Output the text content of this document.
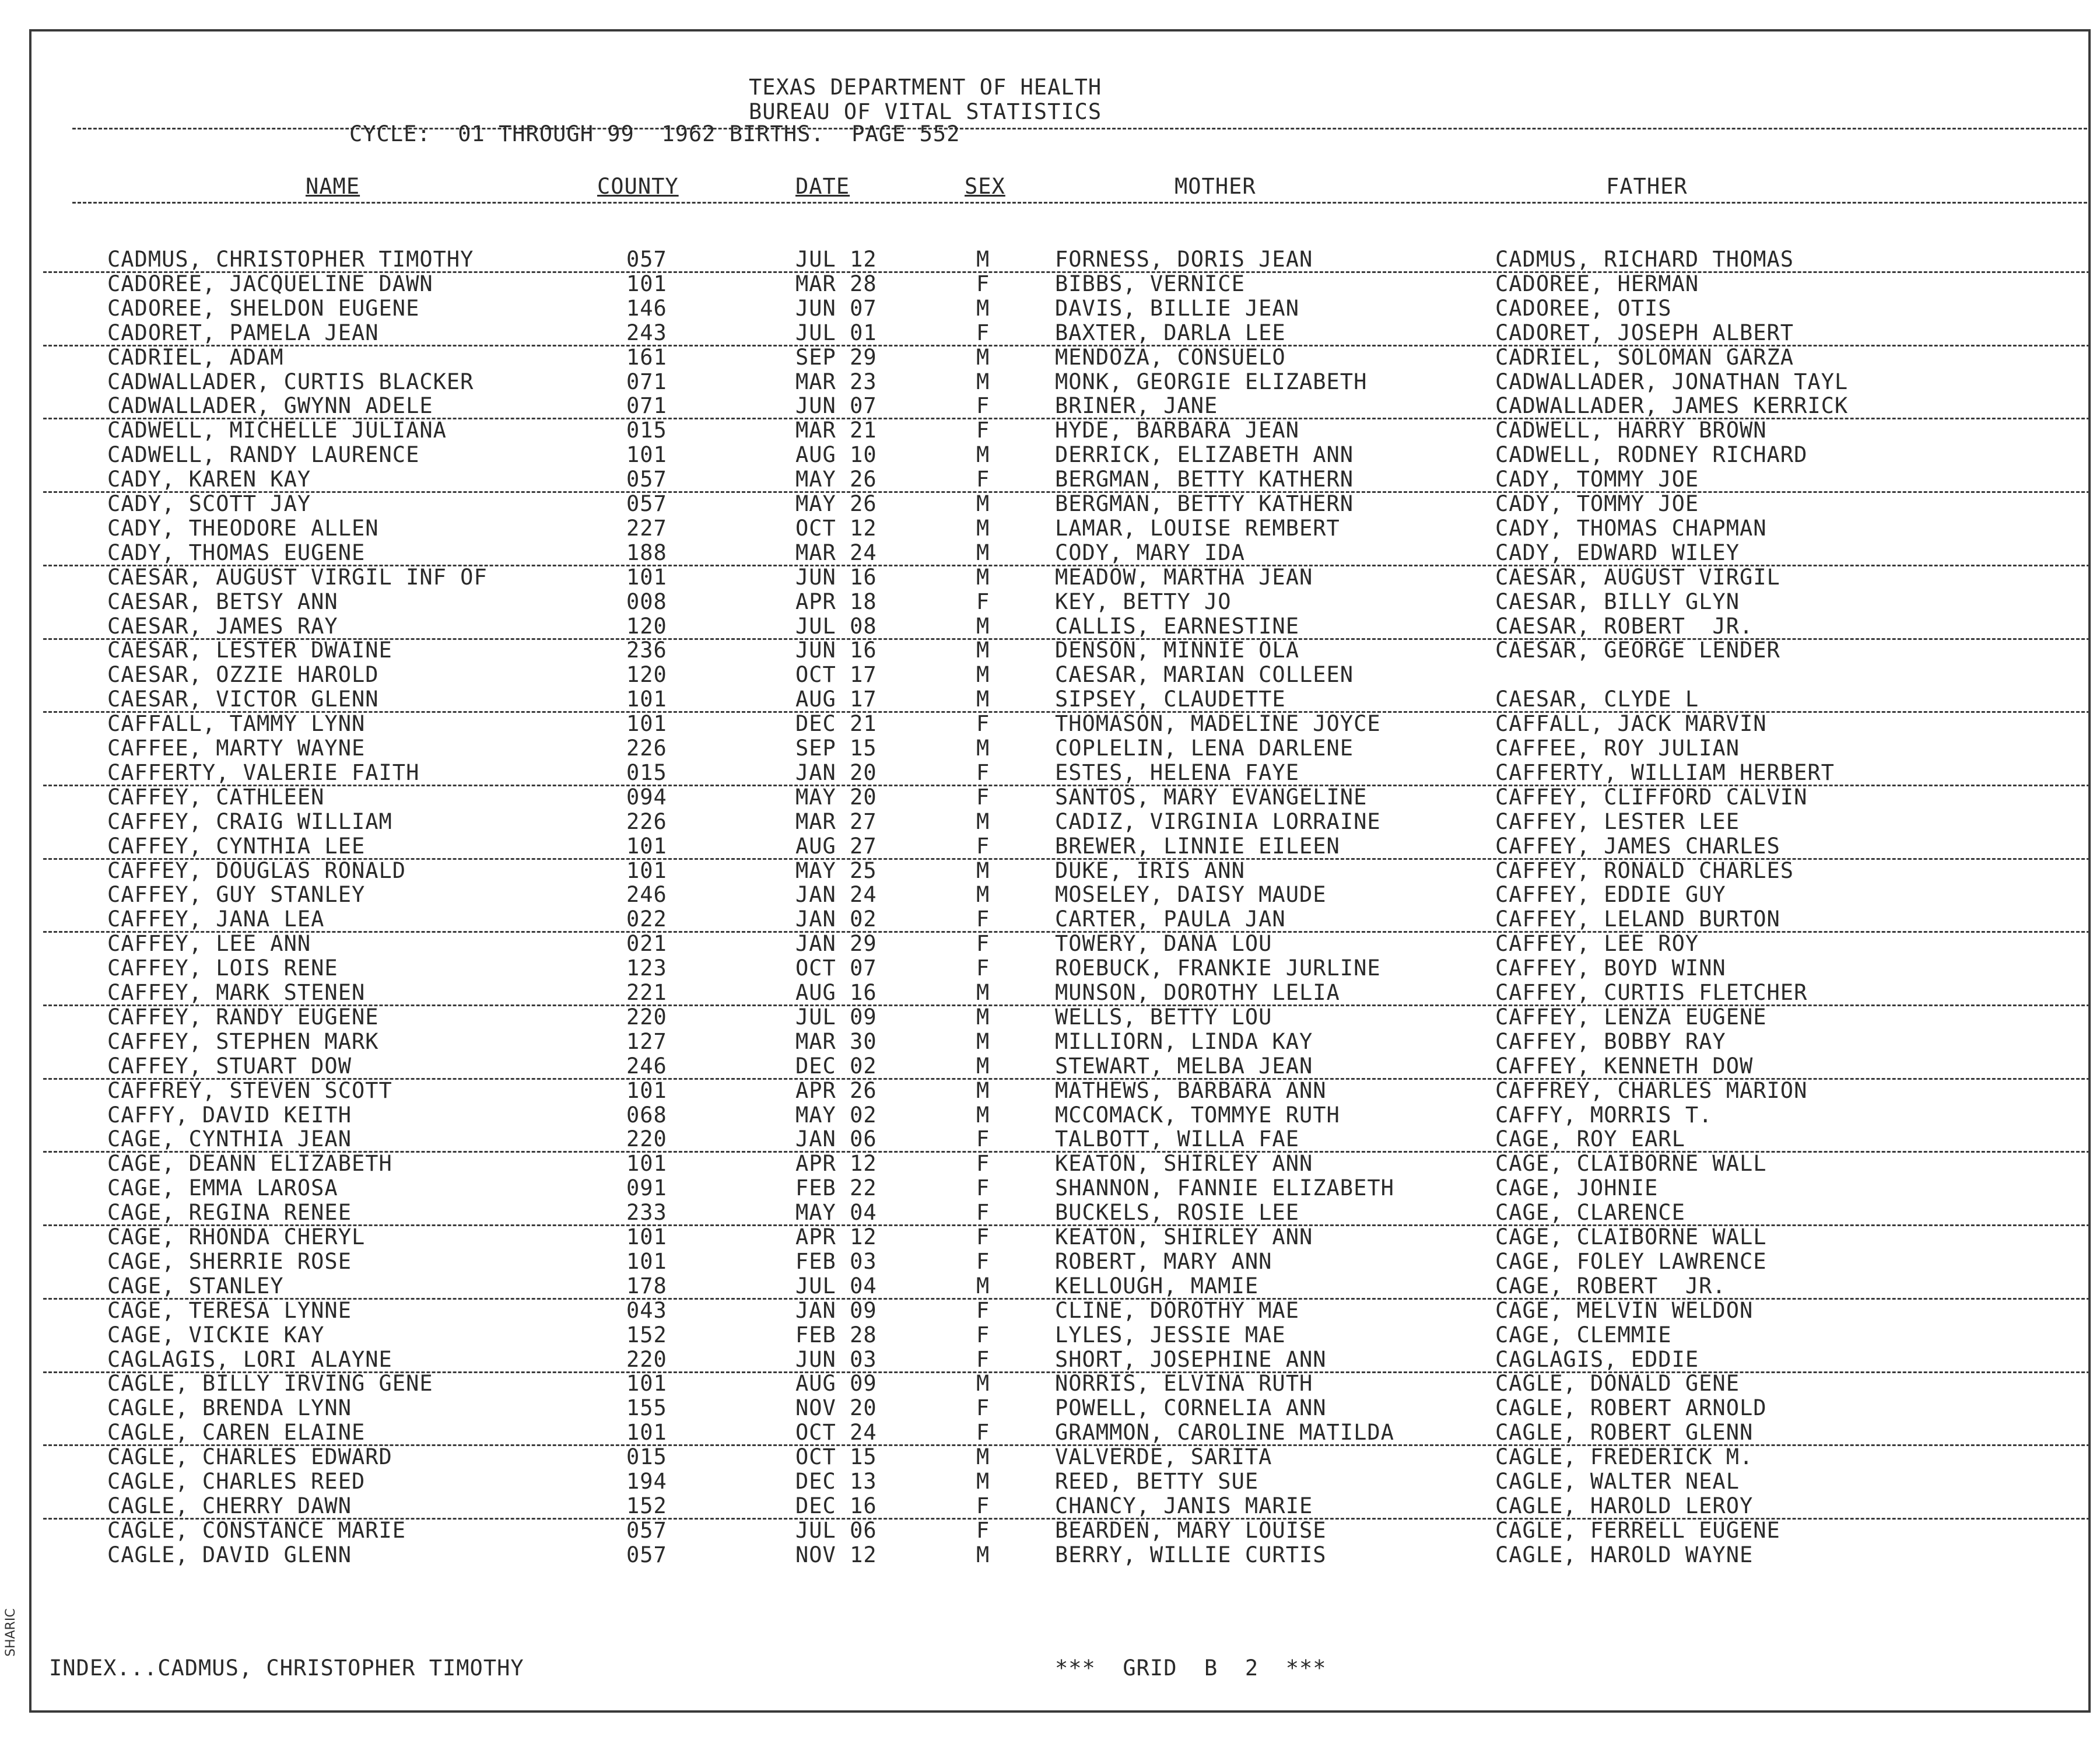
TEXAS DEPARTMENT OF HEALTH
BUREAU OF VITAL STATISTICS
CYCLE:  01 THROUGH 99  1962 BIRTHS.  PAGE 552
NAME	COUNTY	DATE	SEX	MOTHER	FATHER
CADMUS, CHRISTOPHER TIMOTHY	057	JUL 12	M	FORNESS, DORIS JEAN	CADMUS, RICHARD THOMAS
CADOREE, JACQUELINE DAWN	101	MAR 28	F	BIBBS, VERNICE	CADOREE, HERMAN
CADOREE, SHELDON EUGENE	146	JUN 07	M	DAVIS, BILLIE JEAN	CADOREE, OTIS
CADORET, PAMELA JEAN	243	JUL 01	F	BAXTER, DARLA LEE	CADORET, JOSEPH ALBERT
CADRIEL, ADAM	161	SEP 29	M	MENDOZA, CONSUELO	CADRIEL, SOLOMAN GARZA
CADWALLADER, CURTIS BLACKER	071	MAR 23	M	MONK, GEORGIE ELIZABETH	CADWALLADER, JONATHAN TAYL
CADWALLADER, GWYNN ADELE	071	JUN 07	F	BRINER, JANE	CADWALLADER, JAMES KERRICK
CADWELL, MICHELLE JULIANA	015	MAR 21	F	HYDE, BARBARA JEAN	CADWELL, HARRY BROWN
CADWELL, RANDY LAURENCE	101	AUG 10	M	DERRICK, ELIZABETH ANN	CADWELL, RODNEY RICHARD
CADY, KAREN KAY	057	MAY 26	F	BERGMAN, BETTY KATHERN	CADY, TOMMY JOE
CADY, SCOTT JAY	057	MAY 26	M	BERGMAN, BETTY KATHERN	CADY, TOMMY JOE
CADY, THEODORE ALLEN	227	OCT 12	M	LAMAR, LOUISE REMBERT	CADY, THOMAS CHAPMAN
CADY, THOMAS EUGENE	188	MAR 24	M	CODY, MARY IDA	CADY, EDWARD WILEY
CAESAR, AUGUST VIRGIL INF OF	101	JUN 16	M	MEADOW, MARTHA JEAN	CAESAR, AUGUST VIRGIL
CAESAR, BETSY ANN	008	APR 18	F	KEY, BETTY JO	CAESAR, BILLY GLYN
CAESAR, JAMES RAY	120	JUL 08	M	CALLIS, EARNESTINE	CAESAR, ROBERT  JR.
CAESAR, LESTER DWAINE	236	JUN 16	M	DENSON, MINNIE OLA	CAESAR, GEORGE LENDER
CAESAR, OZZIE HAROLD	120	OCT 17	M	CAESAR, MARIAN COLLEEN
CAESAR, VICTOR GLENN	101	AUG 17	M	SIPSEY, CLAUDETTE	CAESAR, CLYDE L
CAFFALL, TAMMY LYNN	101	DEC 21	F	THOMASON, MADELINE JOYCE	CAFFALL, JACK MARVIN
CAFFEE, MARTY WAYNE	226	SEP 15	M	COPLELIN, LENA DARLENE	CAFFEE, ROY JULIAN
CAFFERTY, VALERIE FAITH	015	JAN 20	F	ESTES, HELENA FAYE	CAFFERTY, WILLIAM HERBERT
CAFFEY, CATHLEEN	094	MAY 20	F	SANTOS, MARY EVANGELINE	CAFFEY, CLIFFORD CALVIN
CAFFEY, CRAIG WILLIAM	226	MAR 27	M	CADIZ, VIRGINIA LORRAINE	CAFFEY, LESTER LEE
CAFFEY, CYNTHIA LEE	101	AUG 27	F	BREWER, LINNIE EILEEN	CAFFEY, JAMES CHARLES
CAFFEY, DOUGLAS RONALD	101	MAY 25	M	DUKE, IRIS ANN	CAFFEY, RONALD CHARLES
CAFFEY, GUY STANLEY	246	JAN 24	M	MOSELEY, DAISY MAUDE	CAFFEY, EDDIE GUY
CAFFEY, JANA LEA	022	JAN 02	F	CARTER, PAULA JAN	CAFFEY, LELAND BURTON
CAFFEY, LEE ANN	021	JAN 29	F	TOWERY, DANA LOU	CAFFEY, LEE ROY
CAFFEY, LOIS RENE	123	OCT 07	F	ROEBUCK, FRANKIE JURLINE	CAFFEY, BOYD WINN
CAFFEY, MARK STENEN	221	AUG 16	M	MUNSON, DOROTHY LELIA	CAFFEY, CURTIS FLETCHER
CAFFEY, RANDY EUGENE	220	JUL 09	M	WELLS, BETTY LOU	CAFFEY, LENZA EUGENE
CAFFEY, STEPHEN MARK	127	MAR 30	M	MILLIORN, LINDA KAY	CAFFEY, BOBBY RAY
CAFFEY, STUART DOW	246	DEC 02	M	STEWART, MELBA JEAN	CAFFEY, KENNETH DOW
CAFFREY, STEVEN SCOTT	101	APR 26	M	MATHEWS, BARBARA ANN	CAFFREY, CHARLES MARION
CAFFY, DAVID KEITH	068	MAY 02	M	MCCOMACK, TOMMYE RUTH	CAFFY, MORRIS T.
CAGE, CYNTHIA JEAN	220	JAN 06	F	TALBOTT, WILLA FAE	CAGE, ROY EARL
CAGE, DEANN ELIZABETH	101	APR 12	F	KEATON, SHIRLEY ANN	CAGE, CLAIBORNE WALL
CAGE, EMMA LAROSA	091	FEB 22	F	SHANNON, FANNIE ELIZABETH	CAGE, JOHNIE
CAGE, REGINA RENEE	233	MAY 04	F	BUCKELS, ROSIE LEE	CAGE, CLARENCE
CAGE, RHONDA CHERYL	101	APR 12	F	KEATON, SHIRLEY ANN	CAGE, CLAIBORNE WALL
CAGE, SHERRIE ROSE	101	FEB 03	F	ROBERT, MARY ANN	CAGE, FOLEY LAWRENCE
CAGE, STANLEY	178	JUL 04	M	KELLOUGH, MAMIE	CAGE, ROBERT  JR.
CAGE, TERESA LYNNE	043	JAN 09	F	CLINE, DOROTHY MAE	CAGE, MELVIN WELDON
CAGE, VICKIE KAY	152	FEB 28	F	LYLES, JESSIE MAE	CAGE, CLEMMIE
CAGLAGIS, LORI ALAYNE	220	JUN 03	F	SHORT, JOSEPHINE ANN	CAGLAGIS, EDDIE
CAGLE, BILLY IRVING GENE	101	AUG 09	M	NORRIS, ELVINA RUTH	CAGLE, DONALD GENE
CAGLE, BRENDA LYNN	155	NOV 20	F	POWELL, CORNELIA ANN	CAGLE, ROBERT ARNOLD
CAGLE, CAREN ELAINE	101	OCT 24	F	GRAMMON, CAROLINE MATILDA	CAGLE, ROBERT GLENN
CAGLE, CHARLES EDWARD	015	OCT 15	M	VALVERDE, SARITA	CAGLE, FREDERICK M.
CAGLE, CHARLES REED	194	DEC 13	M	REED, BETTY SUE	CAGLE, WALTER NEAL
CAGLE, CHERRY DAWN	152	DEC 16	F	CHANCY, JANIS MARIE	CAGLE, HAROLD LEROY
CAGLE, CONSTANCE MARIE	057	JUL 06	F	BEARDEN, MARY LOUISE	CAGLE, FERRELL EUGENE
CAGLE, DAVID GLENN	057	NOV 12	M	BERRY, WILLIE CURTIS	CAGLE, HAROLD WAYNE
INDEX...CADMUS, CHRISTOPHER TIMOTHY	***  GRID  B  2  ***
SHARIC
